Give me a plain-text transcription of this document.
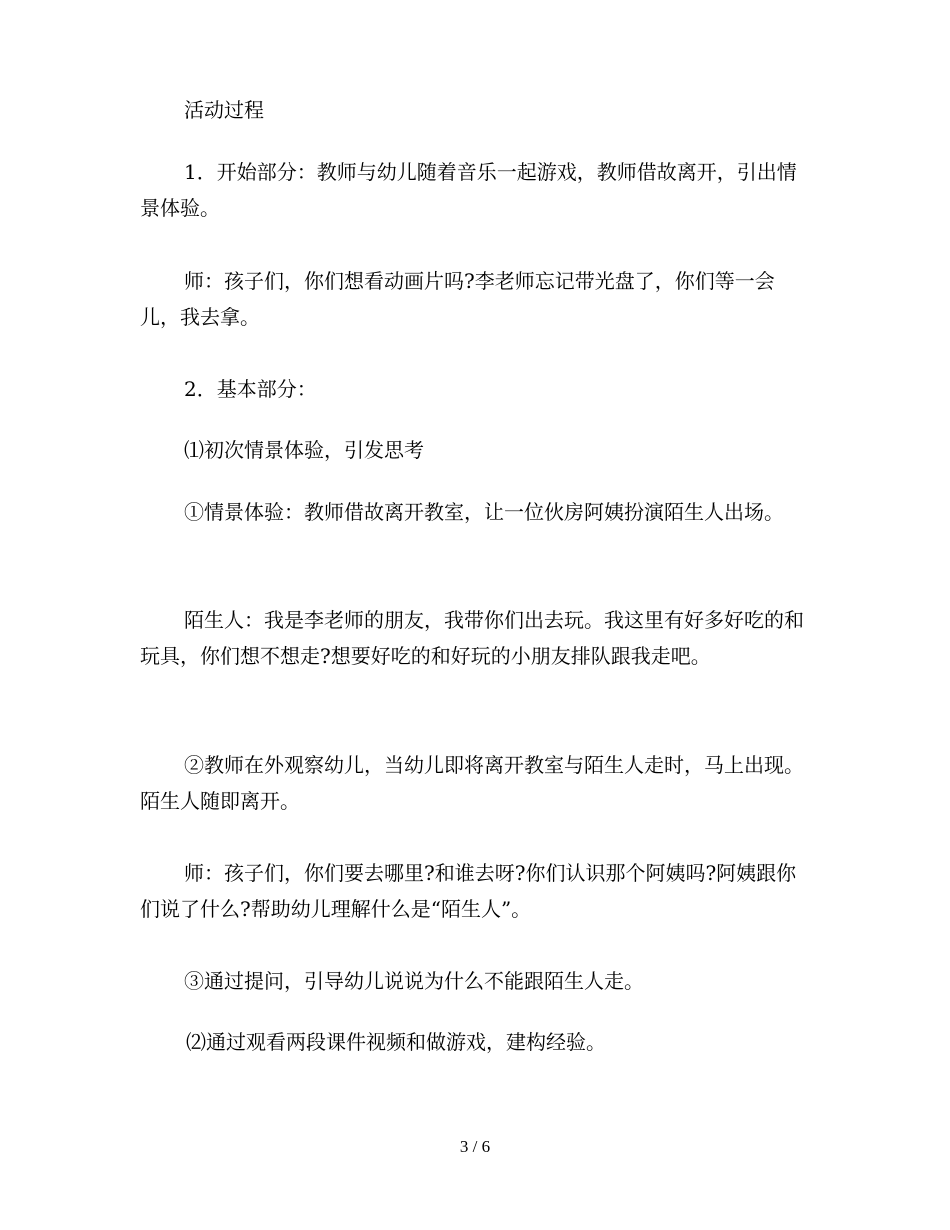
活动过程

1．开始部分：教师与幼儿随着音乐一起游戏，教师借故离开，引出情景体验。

师：孩子们，你们想看动画片吗?李老师忘记带光盘了，你们等一会儿，我去拿。

2．基本部分：

⑴初次情景体验，引发思考

①情景体验：教师借故离开教室，让一位伙房阿姨扮演陌生人出场。

陌生人：我是李老师的朋友，我带你们出去玩。我这里有好多好吃的和玩具，你们想不想走?想要好吃的和好玩的小朋友排队跟我走吧。

②教师在外观察幼儿，当幼儿即将离开教室与陌生人走时，马上出现。陌生人随即离开。

师：孩子们，你们要去哪里?和谁去呀?你们认识那个阿姨吗?阿姨跟你们说了什么?帮助幼儿理解什么是“陌生人”。

③通过提问，引导幼儿说说为什么不能跟陌生人走。

⑵通过观看两段课件视频和做游戏，建构经验。

3 / 6
